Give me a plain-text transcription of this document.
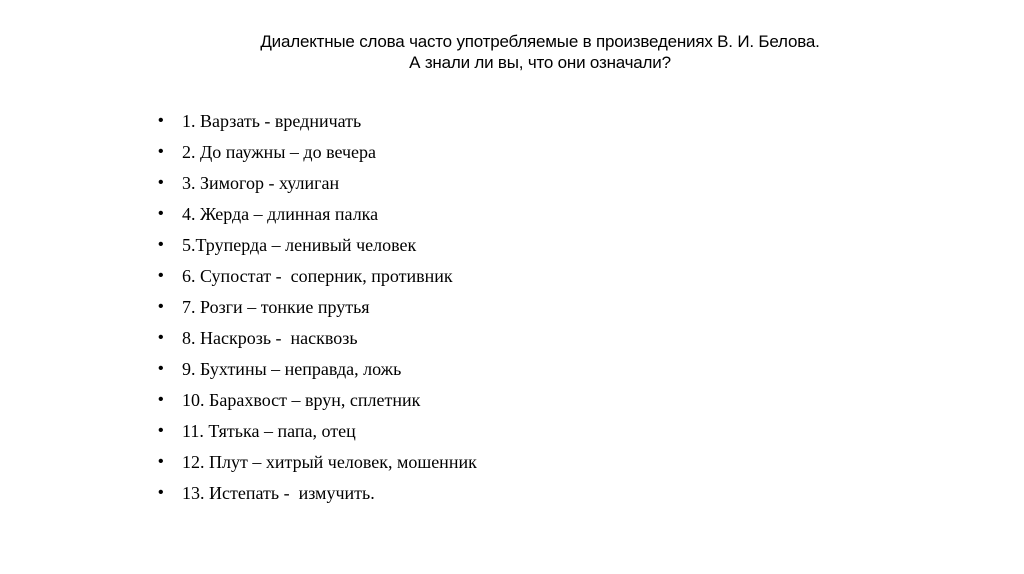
Диалектные слова часто употребляемые в произведениях В. И. Белова.
А знали ли вы, что они означали?
• 1. Варзать - вредничать
• 2. До паужны – до вечера
• 3. Зимогор - хулиган
• 4. Жерда – длинная палка
• 5.Труперда – ленивый человек
• 6. Супостат -  соперник, противник
• 7. Розги – тонкие прутья
• 8. Наскрозь -  насквозь
• 9. Бухтины – неправда, ложь
• 10. Барахвост – врун, сплетник
• 11. Тятька – папа, отец
• 12. Плут – хитрый человек, мошенник
• 13. Истепать -  измучить.
